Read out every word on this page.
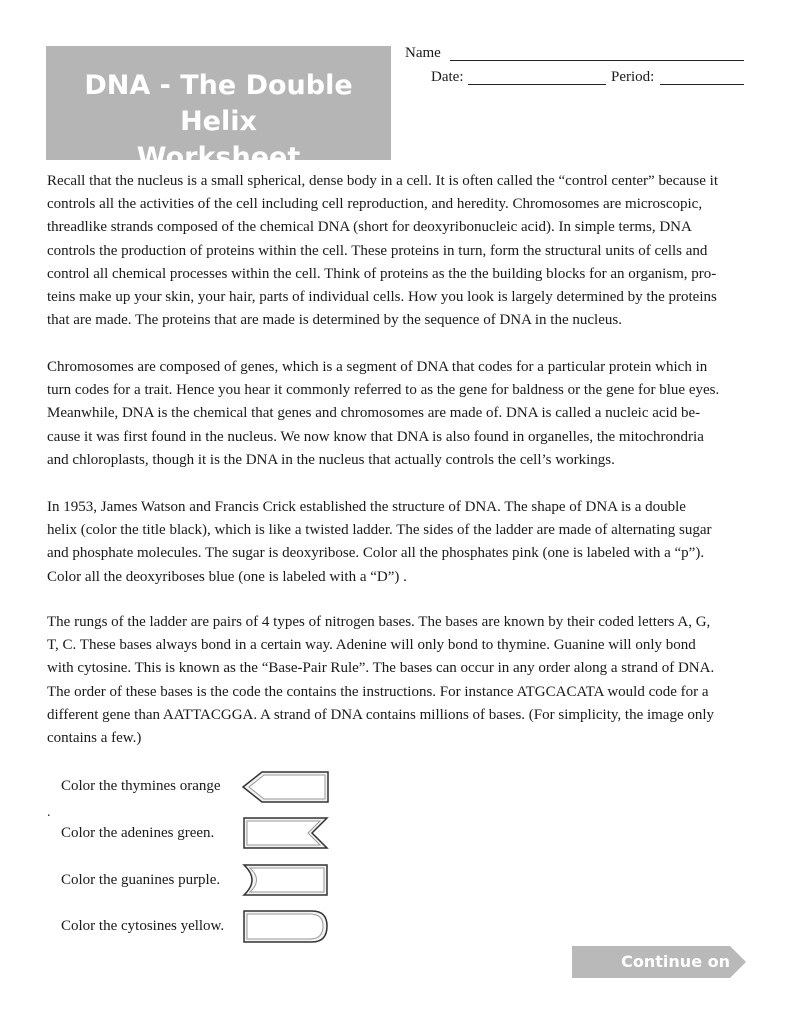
DNA - The Double Helix
Worksheet
Name
Date:	Period:
Recall that the nucleus is a small spherical, dense body in a cell. It is often called the “control center” because it
controls all the activities of the cell including cell reproduction, and heredity. Chromosomes are microscopic,
threadlike strands composed of the chemical DNA (short for deoxyribonucleic acid). In simple terms, DNA
controls the production of proteins within the cell. These proteins in turn, form the structural units of cells and
control all chemical processes within the cell. Think of proteins as the the building blocks for an organism, pro-
teins make up your skin, your hair, parts of individual cells. How you look is largely determined by the proteins
that are made. The proteins that are made is determined by the sequence of DNA in the nucleus.
Chromosomes are composed of genes, which is a segment of DNA that codes for a particular protein which in
turn codes for a trait. Hence you hear it commonly referred to as the gene for baldness or the gene for blue eyes.
Meanwhile, DNA is the chemical that genes and chromosomes are made of. DNA is called a nucleic acid be-
cause it was first found in the nucleus. We now know that DNA is also found in organelles, the mitochrondria
and chloroplasts, though it is the DNA in the nucleus that actually controls the cell’s workings.
In 1953, James Watson and Francis Crick established the structure of DNA. The shape of DNA is a double
helix (color the title black), which is like a twisted ladder. The sides of the ladder are made of alternating sugar
and phosphate molecules. The sugar is deoxyribose. Color all the phosphates pink (one is labeled with a “p”).
Color all the deoxyriboses blue (one is labeled with a “D”) .
The rungs of the ladder are pairs of 4 types of nitrogen bases. The bases are known by their coded letters A, G,
T, C. These bases always bond in a certain way. Adenine will only bond to thymine. Guanine will only bond
with cytosine. This is known as the “Base-Pair Rule”. The bases can occur in any order along a strand of DNA.
The order of these bases is the code the contains the instructions. For instance ATGCACATA would code for a
different gene than AATTACGGA. A strand of DNA contains millions of bases. (For simplicity, the image only
contains a few.)
Color the thymines orange
.
Color the adenines green.
Color the guanines purple.
Color the cytosines yellow.
Continue on
